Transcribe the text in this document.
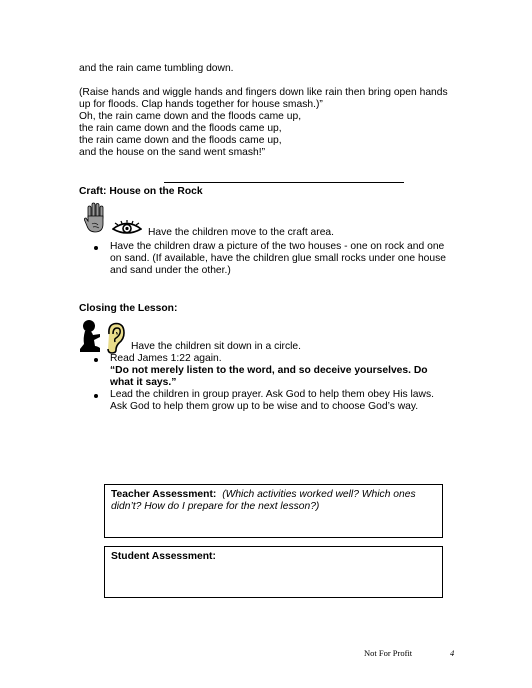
and the rain came tumbling down.
(Raise hands and wiggle hands and fingers down like rain then bring open hands
up for floods. Clap hands together for house smash.)”
Oh, the rain came down and the floods came up,
the rain came down and the floods came up,
the rain came down and the floods came up,
and the house on the sand went smash!”
Craft: House on the Rock
Have the children move to the craft area.
Have the children draw a picture of the two houses - one on rock and one
on sand. (If available, have the children glue small rocks under one house
and sand under the other.)
Closing the Lesson:
Have the children sit down in a circle.
Read James 1:22 again.
“Do not merely listen to the word, and so deceive yourselves. Do
what it says.”
Lead the children in group prayer. Ask God to help them obey His laws.
Ask God to help them grow up to be wise and to choose God’s way.
Teacher Assessment: (Which activities worked well? Which ones
didn’t? How do I prepare for the next lesson?)
Student Assessment:
Not For Profit	4
